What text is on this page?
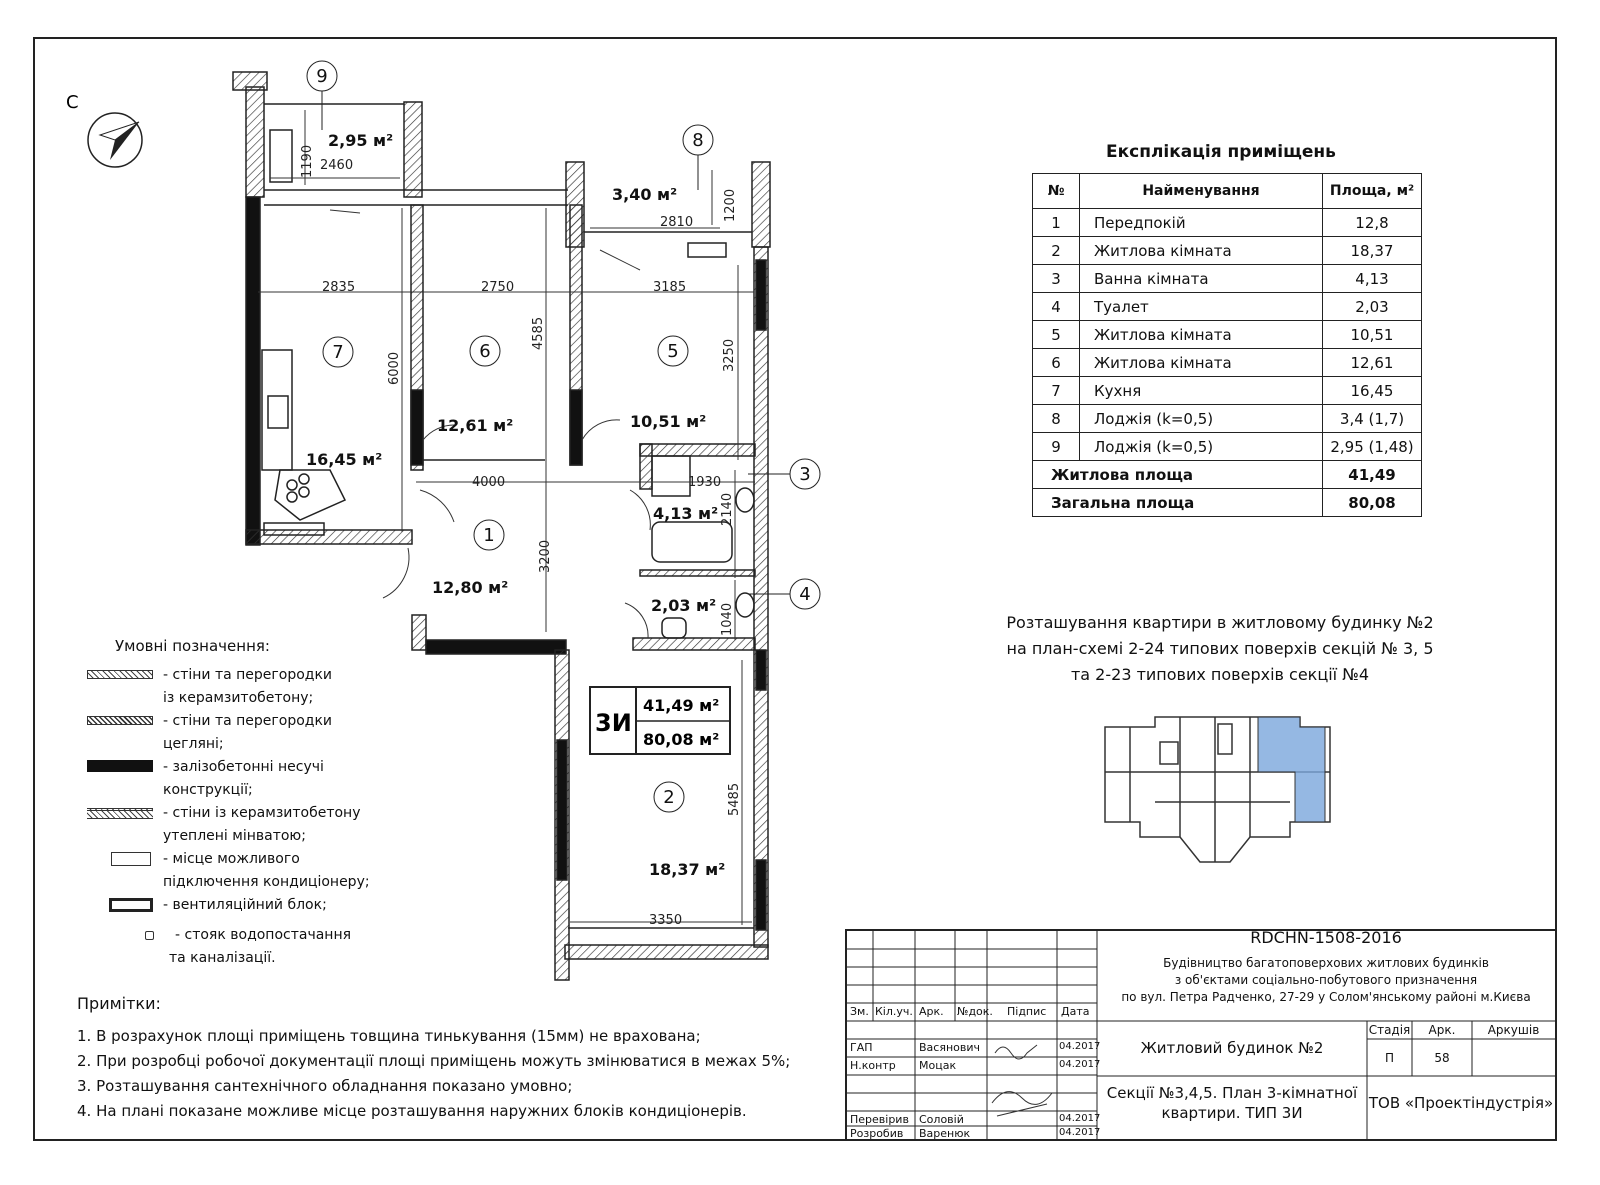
С
1
2
3
4
5
6
7
8
9
12,80 м²
18,37 м²
4,13 м²
2,03 м²
10,51 м²
12,61 м²
16,45 м²
3,40 м²
2,95 м²
2835	2750	3185
4000	1930
3350
2460
2810
6000
4585
3250
2140
3200
1040
5485
1190
1200
3И
41,49 м²
80,08 м²
Експлікація приміщень
№	Найменування	Площа, м²
1	Передпокій	12,8
2	Житлова кімната	18,37
3	Ванна кімната	4,13
4	Туалет	2,03
5	Житлова кімната	10,51
6	Житлова кімната	12,61
7	Кухня	16,45
8	Лоджія (k=0,5)	3,4 (1,7)
9	Лоджія (k=0,5)	2,95 (1,48)
Житлова площа		41,49
Загальна площа		80,08
Розташування квартири в житловому будинку №2
на план-схемі 2-24 типових поверхів секцій № 3, 5
та 2-23 типових поверхів секції №4
Умовні позначення:
- стіни та перегородки
із керамзитобетону;
- стіни та перегородки
цегляні;
- залізобетонні несучі
конструкції;
- стіни із керамзитобетону
утеплені мінватою;
- місце можливого
підключення кондиціонеру;
- вентиляційний блок;
- стояк водопостачання
та каналізації.
Примітки:
1. В розрахунок площі приміщень товщина тинькування (15мм) не врахована;
2. При розробці робочої документації площі приміщень можуть змінюватися в межах 5%;
3. Розташування сантехнічного обладнання показано умовно;
4. На плані показане можливе місце розташування наружних блоків кондиціонерів.
RDCHN-1508-2016
Будівництво багатоповерхових житлових будинків
з об'єктами соціально-побутового призначення
по вул. Петра Радченко, 27-29 у Солом'янському районі м.Києва
Зм. Кіл.уч. Арк. №док. Підпис Дата
ГАП	Васянович	04.2017
Н.контр Моцак	04.2017
Перевірив Соловій	04.2017
Розробив Варенюк	04.2017
Житловий будинок №2
Стадія	Арк.	Аркушів
П	58
Секції №3,4,5. План 3-кімнатної
квартири. ТИП 3И
ТОВ «Проектіндустрія»
